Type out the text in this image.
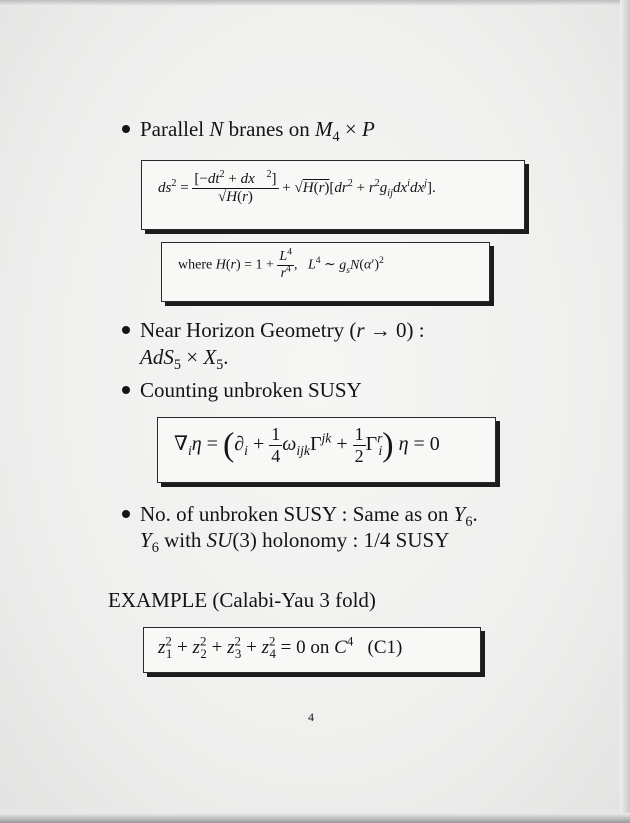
Parallel N branes on $M_4 \times P$
$ds^2 = \frac{[-dt^2 + dx⃗^2]}{√H(r)} + √H(r)[dr^2 + r^2g_{ij}dx^idx^j]$.
where $H(r) = 1 + \frac{L^4}{r^4}$ ,   $L^4$ ∼ $g_sN(\alpha')^2$
Near Horizon Geometry (r → 0) :
$AdS_5 \times X_5$.
Counting unbroken SUSY
$\nabla_i\eta = (\partial_i + \frac{1}{4} \omega_{ijk}\Gamma^{jk} + \frac{1}{2} \Gamma^r_i) \eta = 0$
No. of unbroken SUSY : Same as on $Y_6$.
$Y_6$ with SU(3) holonomy : 1/4 SUSY
EXAMPLE (Calabi-Yau 3 fold)
$z^2_1 + z^2_2 + z^2_3 + z^2_4 = 0$ on $C^4$   (C1)
4
